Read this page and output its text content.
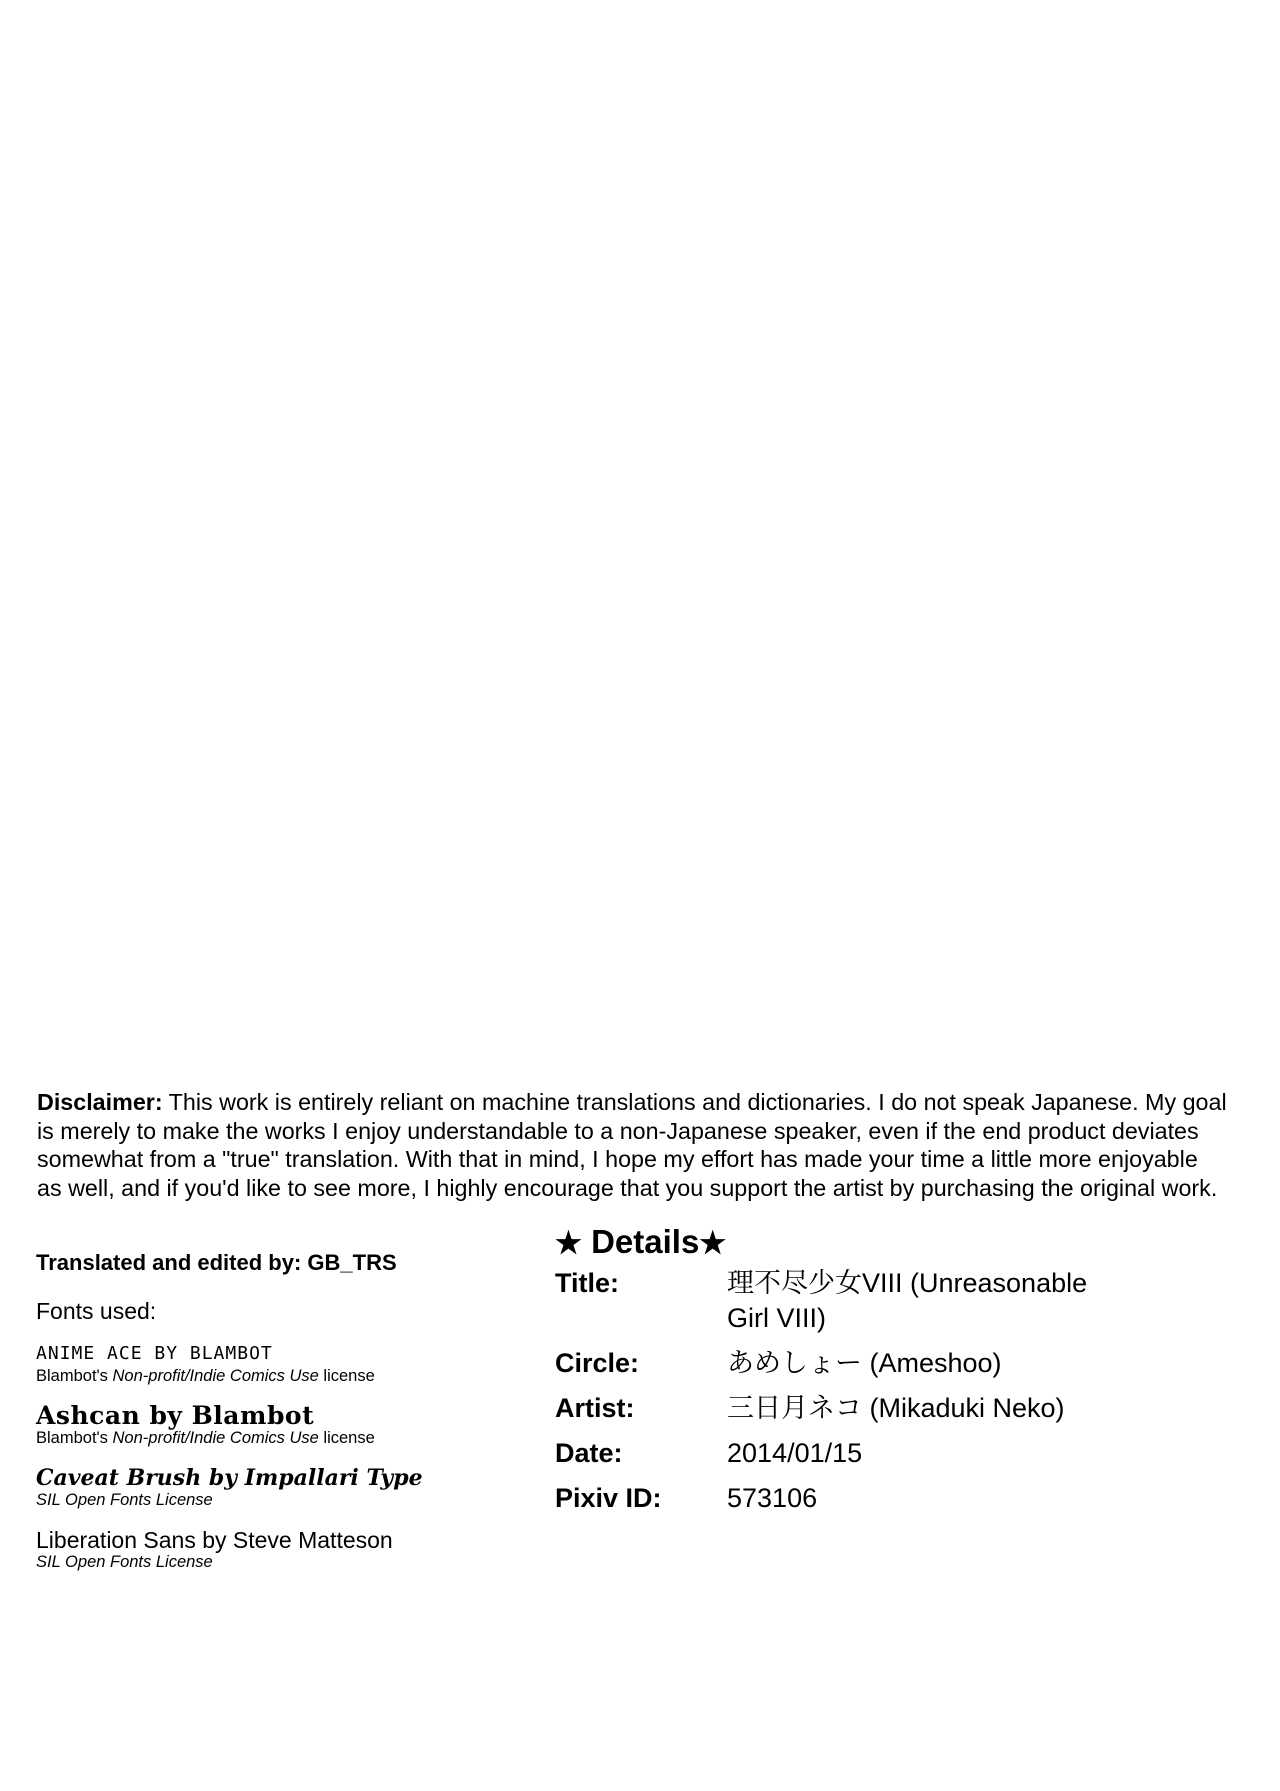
Disclaimer: This work is entirely reliant on machine translations and dictionaries. I do not speak Japanese. My goal is merely to make the works I enjoy understandable to a non-Japanese speaker, even if the end product deviates somewhat from a "true" translation. With that in mind, I hope my effort has made your time a little more enjoyable as well, and if you'd like to see more, I highly encourage that you support the artist by purchasing the original work.

Translated and edited by: GB_TRS

Fonts used:
ANIME ACE BY BLAMBOT
Blambot's Non-profit/Indie Comics Use license
Ashcan by Blambot
Blambot's Non-profit/Indie Comics Use license
Caveat Brush by Impallari Type
SIL Open Fonts License
Liberation Sans by Steve Matteson
SIL Open Fonts License
★ Details★
Title:	理不尽少女VIII (Unreasonable Girl VIII)
Circle:	あめしょー (Ameshoo)
Artist:	三日月ネコ (Mikaduki Neko)
Date:	2014/01/15
Pixiv ID:	573106
